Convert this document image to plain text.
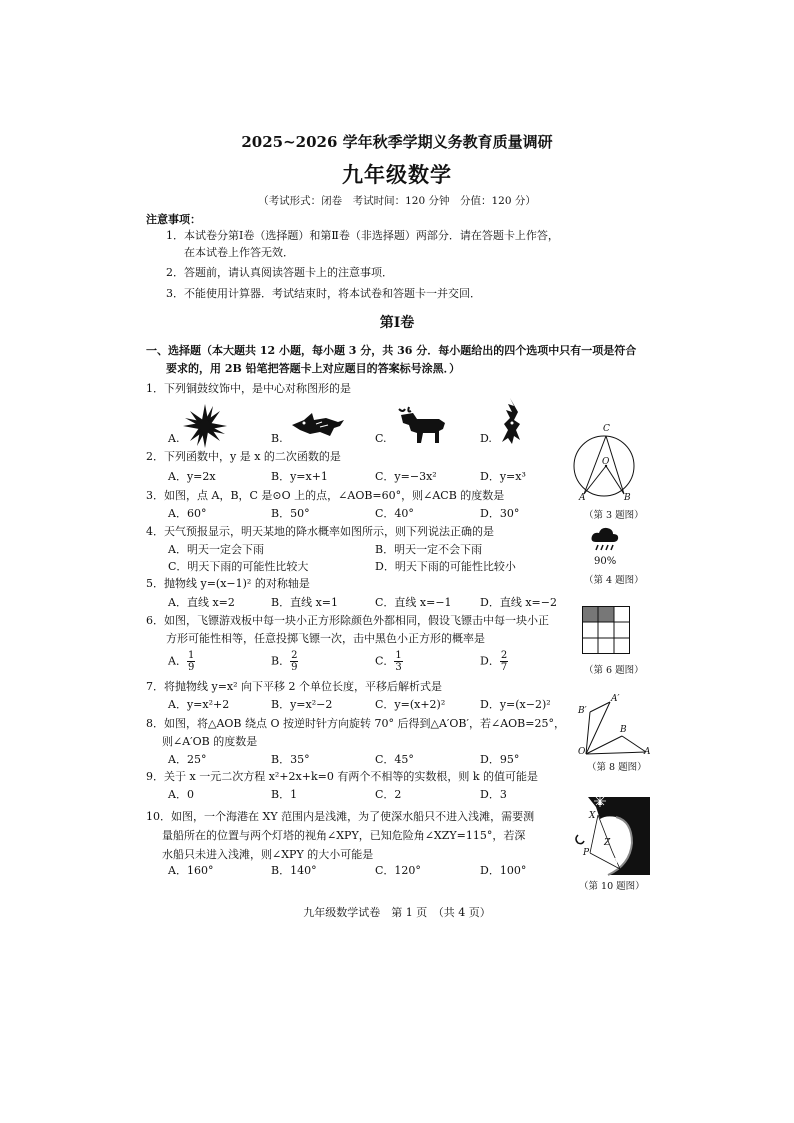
2025~2026 学年秋季学期义务教育质量调研
九年级数学
（考试形式：闭卷　考试时间：120 分钟　分值：120 分）
注意事项：
1．本试卷分第Ⅰ卷（选择题）和第Ⅱ卷（非选择题）两部分．请在答题卡上作答，
在本试卷上作答无效．
2．答题前，请认真阅读答题卡上的注意事项．
3．不能使用计算器．考试结束时，将本试卷和答题卡一并交回．
第Ⅰ卷
一、选择题（本大题共 12 小题，每小题 3 分，共 36 分．每小题给出的四个选项中只有一项是符合
要求的，用 2B 铅笔把答题卡上对应题目的答案标号涂黑．）
1．下列铜鼓纹饰中，是中心对称图形的是
A.	B.	C.	D.
2．下列函数中，y 是 x 的二次函数的是
A．y=2x	B．y=x+1	C．y=−3x²	D．y=x³
3．如图，点 A，B，C 是⊙O 上的点，∠AOB=60°，则∠ACB 的度数是
A．60°	B．50°	C．40°	D．30°
C
O
A	B
（第 3 题图）
4．天气预报显示，明天某地的降水概率如图所示，则下列说法正确的是
A．明天一定会下雨	B．明天一定不会下雨
C．明天下雨的可能性比较大	D．明天下雨的可能性比较小	90%
（第 4 题图）
5．抛物线 y=(x−1)² 的对称轴是
A．直线 x=2	B．直线 x=1	C．直线 x=−1	D．直线 x=−2
6．如图，飞镖游戏板中每一块小正方形除颜色外都相同，假设飞镖击中每一块小正
方形可能性相等，任意投掷飞镖一次，击中黑色小正方形的概率是
A． $\frac{1}{9}$	B． $\frac{2}{9}$	C． $\frac{1}{3}$	D． $\frac{2}{7}$	（第 6 题图）
7．将抛物线 y=x² 向下平移 2 个单位长度，平移后解析式是
A．y=x²+2	B．y=x²−2	C．y=(x+2)²	D．y=(x−2)²
8．如图，将△AOB 绕点 O 按逆时针方向旋转 70° 后得到△A′OB′，若∠AOB=25°，
则∠A′OB 的度数是
A．25°	B．35°	C．45°	D．95°
A′
B′
B
O	A
（第 8 题图）
9．关于 x 一元二次方程 x²+2x+k=0 有两个不相等的实数根，则 k 的值可能是
A．0	B．1	C．2	D．3
10．如图，一个海港在 XY 范围内是浅滩，为了使深水船只不进入浅滩，需要测
量船所在的位置与两个灯塔的视角∠XPY，已知危险角∠XZY=115°，若深
水船只未进入浅滩，则∠XPY 的大小可能是
A．160°	B．140°	C．120°	D．100°
X
Z
P
Y
（第 10 题图）
九年级数学试卷　第 1 页　（共 4 页）
